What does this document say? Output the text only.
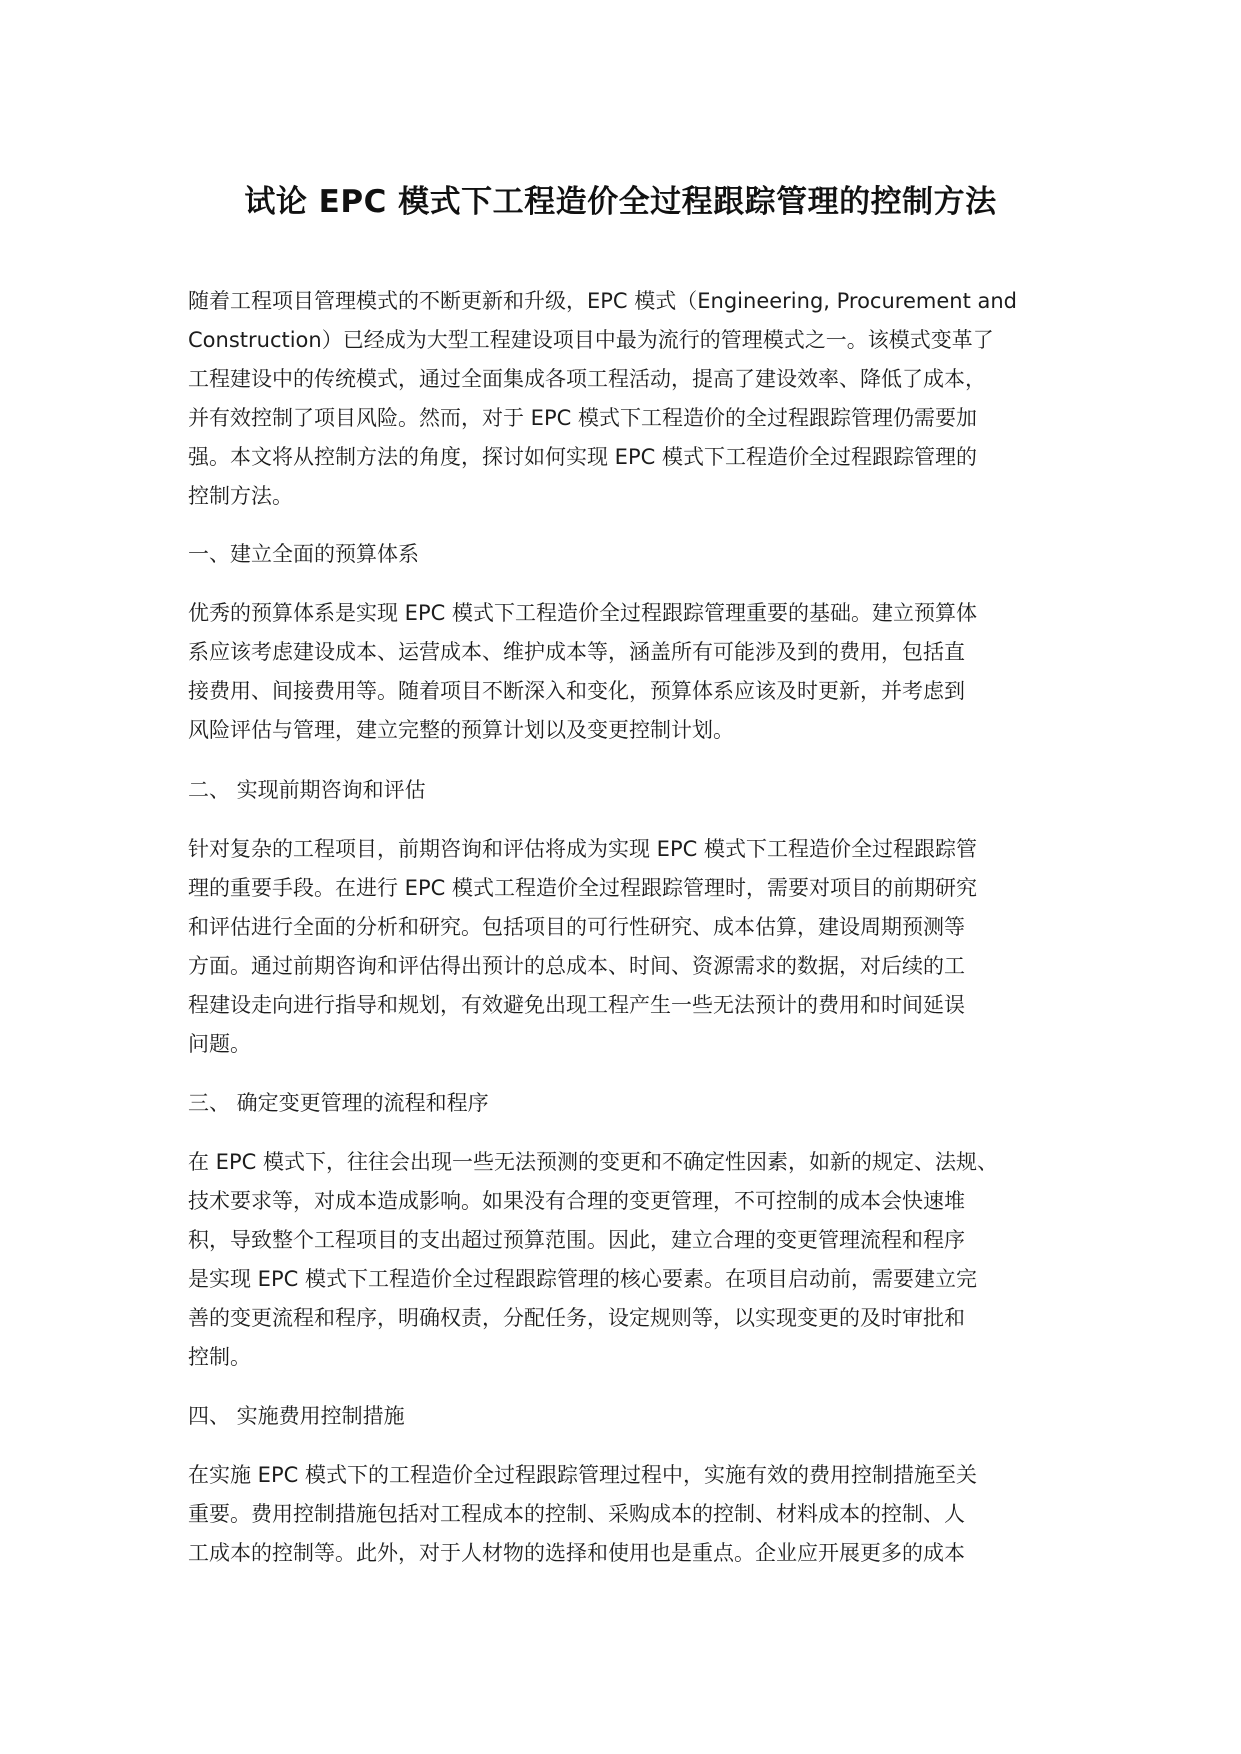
试论 EPC 模式下工程造价全过程跟踪管理的控制方法

随着工程项目管理模式的不断更新和升级，EPC 模式（Engineering, Procurement and

Construction）已经成为大型工程建设项目中最为流行的管理模式之一。该模式变革了

工程建设中的传统模式，通过全面集成各项工程活动，提高了建设效率、降低了成本，

并有效控制了项目风险。然而，对于 EPC 模式下工程造价的全过程跟踪管理仍需要加

强。本文将从控制方法的角度，探讨如何实现 EPC 模式下工程造价全过程跟踪管理的

控制方法。

一、建立全面的预算体系

优秀的预算体系是实现 EPC 模式下工程造价全过程跟踪管理重要的基础。建立预算体

系应该考虑建设成本、运营成本、维护成本等，涵盖所有可能涉及到的费用，包括直

接费用、间接费用等。随着项目不断深入和变化，预算体系应该及时更新，并考虑到

风险评估与管理，建立完整的预算计划以及变更控制计划。

二、 实现前期咨询和评估

针对复杂的工程项目，前期咨询和评估将成为实现 EPC 模式下工程造价全过程跟踪管

理的重要手段。在进行 EPC 模式工程造价全过程跟踪管理时，需要对项目的前期研究

和评估进行全面的分析和研究。包括项目的可行性研究、成本估算，建设周期预测等

方面。通过前期咨询和评估得出预计的总成本、时间、资源需求的数据，对后续的工

程建设走向进行指导和规划，有效避免出现工程产生一些无法预计的费用和时间延误

问题。

三、 确定变更管理的流程和程序

在 EPC 模式下，往往会出现一些无法预测的变更和不确定性因素，如新的规定、法规、

技术要求等，对成本造成影响。如果没有合理的变更管理，不可控制的成本会快速堆

积，导致整个工程项目的支出超过预算范围。因此，建立合理的变更管理流程和程序

是实现 EPC 模式下工程造价全过程跟踪管理的核心要素。在项目启动前，需要建立完

善的变更流程和程序，明确权责，分配任务，设定规则等，以实现变更的及时审批和

控制。

四、 实施费用控制措施

在实施 EPC 模式下的工程造价全过程跟踪管理过程中，实施有效的费用控制措施至关

重要。费用控制措施包括对工程成本的控制、采购成本的控制、材料成本的控制、人

工成本的控制等。此外，对于人材物的选择和使用也是重点。企业应开展更多的成本
